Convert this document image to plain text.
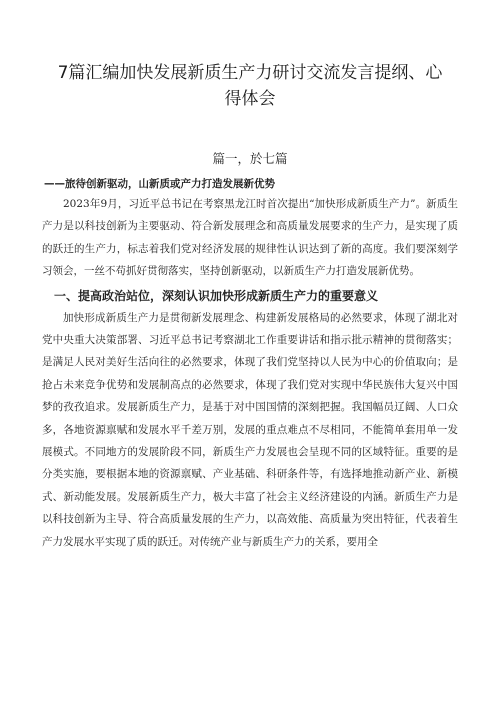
7篇汇编加快发展新质生产力研讨交流发言提纲、心得体会
篇一，於七篇
——旅待创新驱动，山新质或产力打造发展新优势

2023年9月，习近平总书记在考察黑龙江时首次提出“加快形成新质生产力”。新质生产力是以科技创新为主要驱动、符合新发展理念和高质量发展要求的生产力，是实现了质的跃迁的生产力，标志着我们党对经济发展的规律性认识达到了新的高度。我们要深刻学习领会，一丝不苟抓好贯彻落实，坚持创新驱动，以新质生产力打造发展新优势。

一、提高政治站位，深刻认识加快形成新质生产力的重要意义

加快形成新质生产力是贯彻新发展理念、构建新发展格局的必然要求，体现了湖北对党中央重大决策部署、习近平总书记考察湖北工作重要讲话和指示批示精神的贯彻落实；是满足人民对美好生活向往的必然要求，体现了我们党坚持以人民为中心的价值取向；是抢占未来竞争优势和发展制高点的必然要求，体现了我们党对实现中华民族伟大复兴中国梦的孜孜追求。发展新质生产力，是基于对中国国情的深刻把握。我国幅员辽阔、人口众多，各地资源禀赋和发展水平千差万别，发展的重点难点不尽相同，不能简单套用单一发展模式。不同地方的发展阶段不同，新质生产力发展也会呈现不同的区域特征。重要的是分类实施，要根据本地的资源禀赋、产业基础、科研条件等，有选择地推动新产业、新模式、新动能发展。发展新质生产力，极大丰富了社会主义经济建设的内涵。新质生产力是以科技创新为主导、符合高质量发展的生产力，以高效能、高质量为突出特征，代表着生产力发展水平实现了质的跃迁。对传统产业与新质生产力的关系，要用全
